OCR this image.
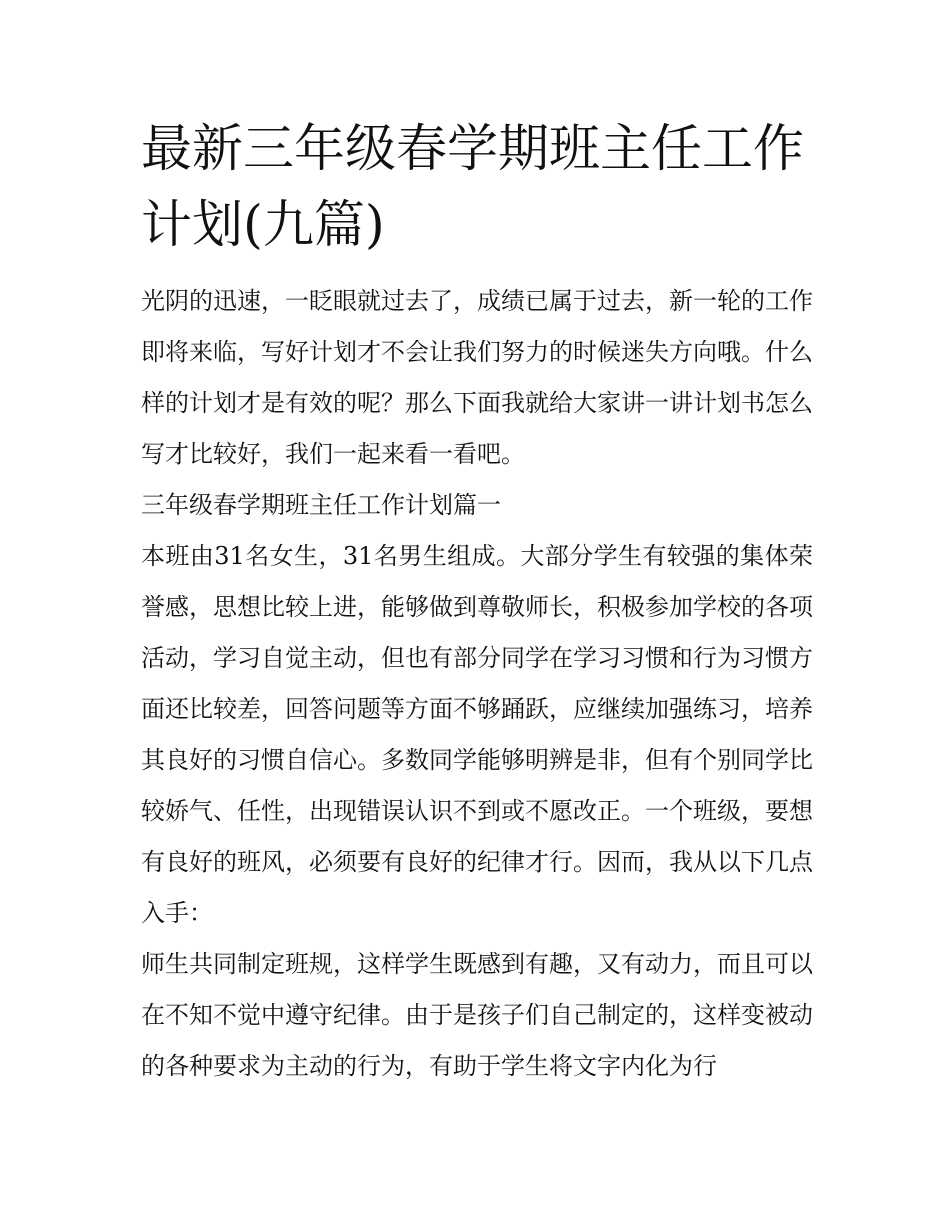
最新三年级春学期班主任工作计划(九篇)

光阴的迅速，一眨眼就过去了，成绩已属于过去，新一轮的工作即将来临，写好计划才不会让我们努力的时候迷失方向哦。什么样的计划才是有效的呢？那么下面我就给大家讲一讲计划书怎么写才比较好，我们一起来看一看吧。

三年级春学期班主任工作计划篇一

本班由31名女生，31名男生组成。大部分学生有较强的集体荣誉感，思想比较上进，能够做到尊敬师长，积极参加学校的各项活动，学习自觉主动，但也有部分同学在学习习惯和行为习惯方面还比较差，回答问题等方面不够踊跃，应继续加强练习，培养其良好的习惯自信心。多数同学能够明辨是非，但有个别同学比较娇气、任性，出现错误认识不到或不愿改正。一个班级，要想有良好的班风，必须要有良好的纪律才行。因而，我从以下几点入手：

师生共同制定班规，这样学生既感到有趣，又有动力，而且可以在不知不觉中遵守纪律。由于是孩子们自己制定的，这样变被动的各种要求为主动的行为，有助于学生将文字内化为行
